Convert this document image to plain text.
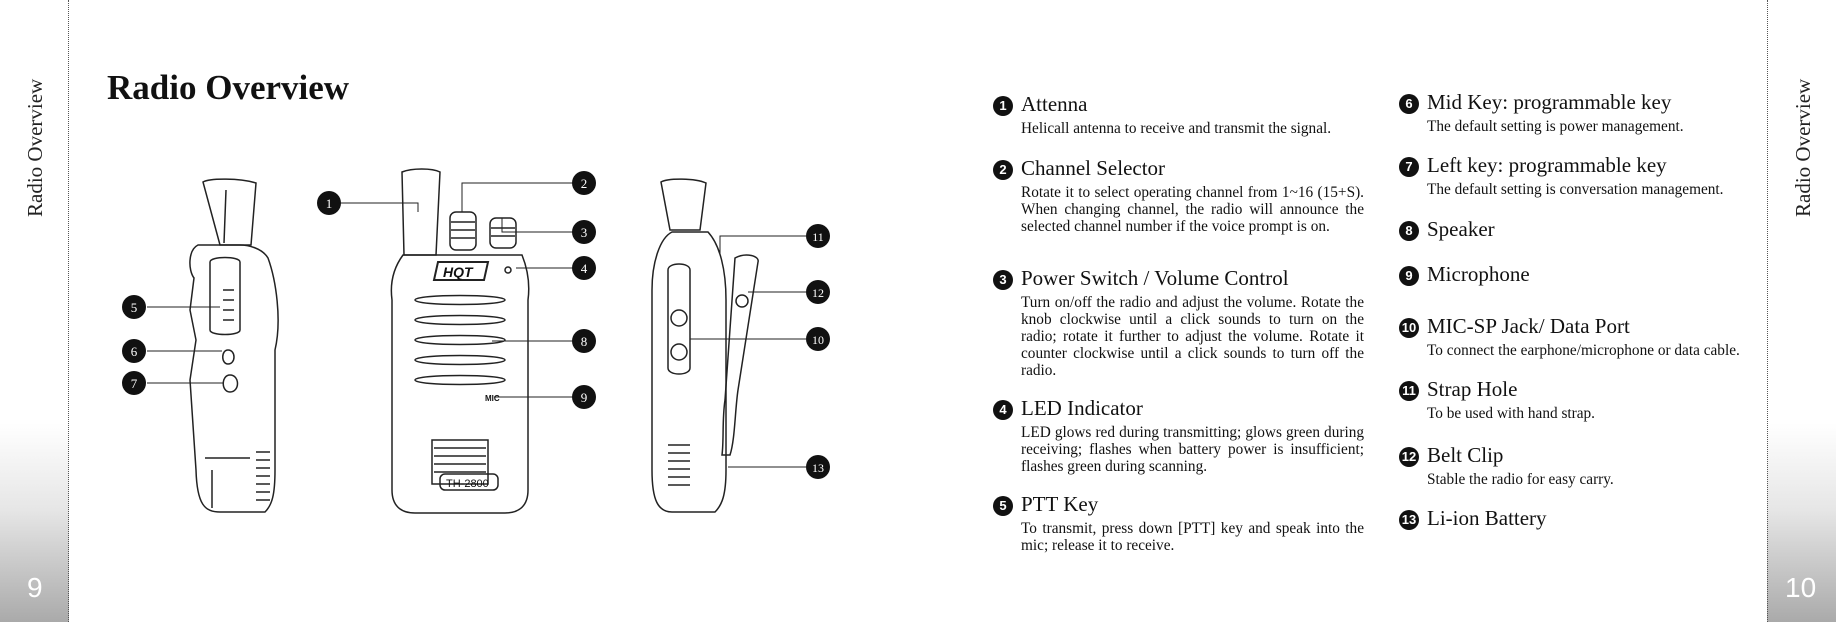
Radio Overview
9
Radio Overview
HQT
TH-2800
MIC
1
2
3
4
5
6
7
8
9
10
11
12
13
Radio Overview
10
1 Attenna
Helicall antenna to receive and transmit the signal.
2 Channel Selector
Rotate it to select operating channel from 1~16 (15+S). When changing channel, the radio will announce the selected channel number if the voice prompt is on.
3 Power Switch / Volume Control
Turn on/off the radio and adjust the volume. Rotate the knob clockwise until a click sounds to turn on the radio; rotate it further to adjust the volume. Rotate it counter clockwise until a click sounds to turn off the radio.
4 LED Indicator
LED glows red during transmitting; glows green during receiving; flashes when battery power is insufficient; flashes green during scanning.
5 PTT Key
To transmit, press down [PTT] key and speak into the mic; release it to receive.
6 Mid Key: programmable key
The default setting is power management.
7 Left key: programmable key
The default setting is conversation management.
8 Speaker
9 Microphone
10 MIC-SP Jack/ Data Port
To connect the earphone/microphone or data cable.
11 Strap Hole
To be used with hand strap.
12 Belt Clip
Stable the radio for easy carry.
13 Li-ion Battery
